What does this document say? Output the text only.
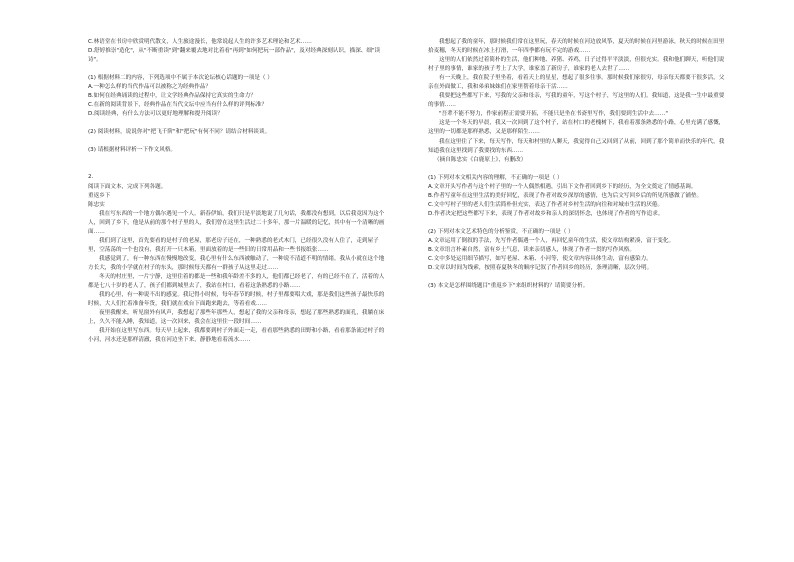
C.林语堂在书房中欣赏明代散文，人生旅途漫长，他常说起人生的许多艺术理论和艺术……

D.舒婷推崇"造化"，从"不断重读"到"翻来覆去地对比着看"再到"如何把玩一部作品"，及对经典深刻认识，描深、细"读诗"。

(1) 根据材料二的内容，下列选项中不属于本次论坛核心话题的一项是（ ）

A.一种怎么样的当代作品可以被称之为经典作品？

B.如何在经典诵读的过程中，让文学经典作品保持它真实的生命力？

C.在新的阅读背景下，经典作品在当代文坛中应当有什么样的评判标准？

D.阅读经典，有什么方法可以更好地理解和提升阅读？

(2) 阅读材料，说说你对"把飞千阶"和"把玩"有何不同？请结合材料谈谈。

(3) 请根据材料评析一下作文风格。

2.

阅读下面文本，完成下列各题。

重返乡下

陈忠实

我在写东西的一个地方偶尔遇见一个人。新春伊始，我们只是平淡地说了几句话，我都没有想到，以后我竟因为这个人，回到了乡下，他是从前的那个村子里的人，我们曾在这里生活过二十多年，那一片温暖的记忆，其中有一个清晰的画面……

我们到了这里，首先要看的是村子的老屋，那老房子还在，一种熟悉的老式木门，已经很久没有人住了，走到屋子里，空荡荡的一个也没有，我打开一只木箱，里面放着的是一些旧的日常用品和一些书报纸张……

我感觉到了，有一种东西在慢慢地改变，我心里有什么东西被触动了，一种说不清道不明的情绪。我从小就在这个地方长大，我的小学就在村子的东头，那时候每天都有一群孩子从这里走过……

冬天的村庄里，一片宁静，这里住着的都是一些和我年龄差不多的人，他们都已经老了，有的已经不在了，活着的人都是七八十岁的老人了，孩子们都到城里去了，我站在村口，看着这条熟悉的小路……

我的心里，有一种说不出的感觉。我记得小时候，每年春节的时候，村子里都要唱大戏，那是我们这些孩子最快乐的时候，大人们忙着准备年货，我们就在戏台下面跑来跑去，等着看戏……

夜里我醒来，听见窗外有风声，我想起了那些年那些人，想起了我的父亲和母亲，想起了那些熟悉的面孔，我躺在床上，久久不能入睡，我知道，这一次回来，我会在这里住一段时间……

我开始在这里写东西。每天早上起来，我都要到村子外面走一走，看看那些熟悉的田野和小路，看看那条流过村子的小河，河水还是那样清澈，我在河边坐下来，静静地看着流水……

我想起了我的童年，那时候我们常在这里玩，春天的时候在河边放风筝，夏天的时候在河里游泳，秋天的时候在田里拾麦穗，冬天的时候在冰上打滑，一年四季都有玩不完的游戏……

这里的人们依然过着简朴的生活，他们种地、养猪、养鸡，日子过得平平淡淡，但很充实。我和他们聊天，听他们说村子里的事情，谁家的孩子考上了大学，谁家盖了新房子，谁家的老人去世了……

有一天晚上，我在院子里坐着，看着天上的星星，想起了很多往事。那时候我们家很穷，母亲每天都要干很多活，父亲在外面做工，我和弟弟妹妹们在家里帮着母亲干活……

我要把这些都写下来，写我的父亲和母亲，写我的童年，写这个村子，写这里的人们。我知道，这是我一生中最重要的事情……

"吾辈不能不努力，作家前程正需要开拓，不能只是坐在书斋里写作，我们要到生活中去……"

这是一个冬天的早晨，我又一次回到了这个村子，站在村口的老槐树下，我看着那条熟悉的小路，心里充满了感慨，这里的一切都是那样熟悉，又是那样陌生……

我在这里住了下来，每天写作，每天和村里的人聊天，我觉得自己又回到了从前，回到了那个简单而快乐的年代，我知道我在这里找到了我要找的东西……

（摘自陈忠实《白鹿原上》，有删改）

(1) 下列对本文相关内容的理解，不正确的一项是（ ）

A.文章开头写作者与这个村子里的一个人偶然相遇，引出下文作者回到乡下的经历，为全文奠定了情感基调。

B.作者写童年在这里生活的美好回忆，表现了作者对故乡深厚的感情，也为后文写回乡后的所见所感做了铺垫。

C.文中写村子里的老人们生活简朴但充实，表达了作者对乡村生活的向往和对城市生活的厌倦。

D.作者决定把这些都写下来，表现了作者对故乡和亲人的深切怀念，也体现了作者的写作追求。

(2) 下列对本文艺术特色的分析鉴赏，不正确的一项是（ ）

A.文章运用了倒叙的手法，先写作者偶遇一个人，再回忆童年的生活，使文章结构紧凑，富于变化。

B.文章语言朴素自然，富有乡土气息，读来亲切感人，体现了作者一贯的写作风格。

C.文中多处运用细节描写，如写老屋、木箱、小河等，使文章内容具体生动，富有感染力。

D.文章以时间为线索，按照春夏秋冬的顺序记叙了作者回乡的经历，条理清晰，层次分明。

(3) 本文是怎样围绕题目"重返乡下"来组织材料的？请简要分析。
